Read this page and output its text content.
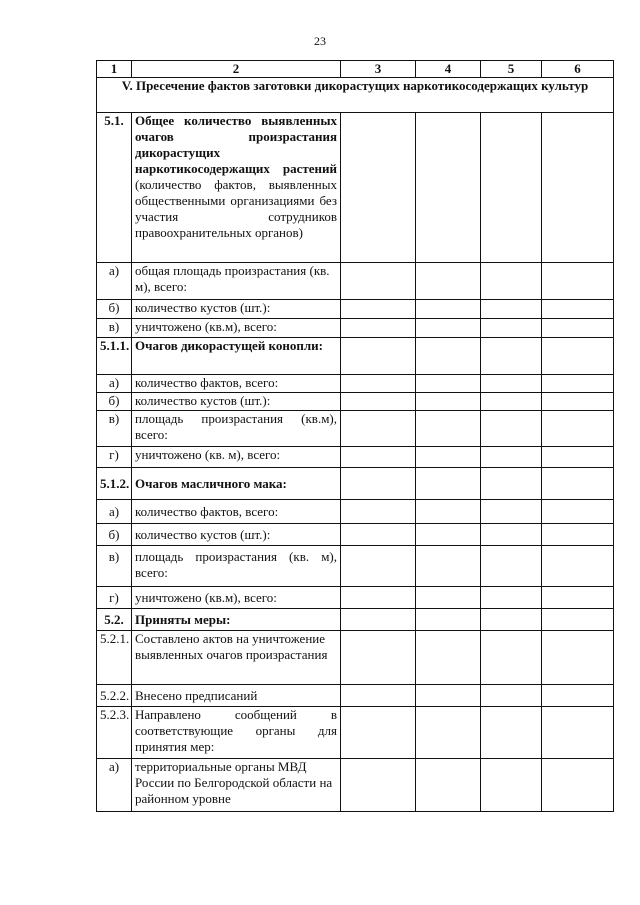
23
1	2	3	4	5	6
V. Пресечение фактов заготовки дикорастущих наркотикосодержащих культур					
5.1.	Общее количество выявленных очагов произрастания дикорастущих наркотикосодержащих растений (количество фактов, выявленных общественными организациями без участия сотрудников правоохранительных органов)				
а)	общая площадь произрастания (кв. м), всего:				
б)	количество кустов (шт.):				
в)	уничтожено (кв.м), всего:				
5.1.1.	Очагов дикорастущей конопли:				
а)	количество фактов, всего:				
б)	количество кустов (шт.):				
в)	площадь произрастания (кв.м), всего:				
г)	уничтожено (кв. м), всего:				
5.1.2.	Очагов масличного мака:				
а)	количество фактов, всего:				
б)	количество кустов (шт.):				
в)	площадь произрастания (кв. м), всего:				
г)	уничтожено (кв.м), всего:				
5.2.	Приняты меры:				
5.2.1.	Составлено актов на уничтожение выявленных очагов произрастания				
5.2.2.	Внесено предписаний				
5.2.3.	Направлено сообщений в соответствующие органы для принятия мер:				
а)	территориальные органы МВД России по Белгородской области на районном уровне				
